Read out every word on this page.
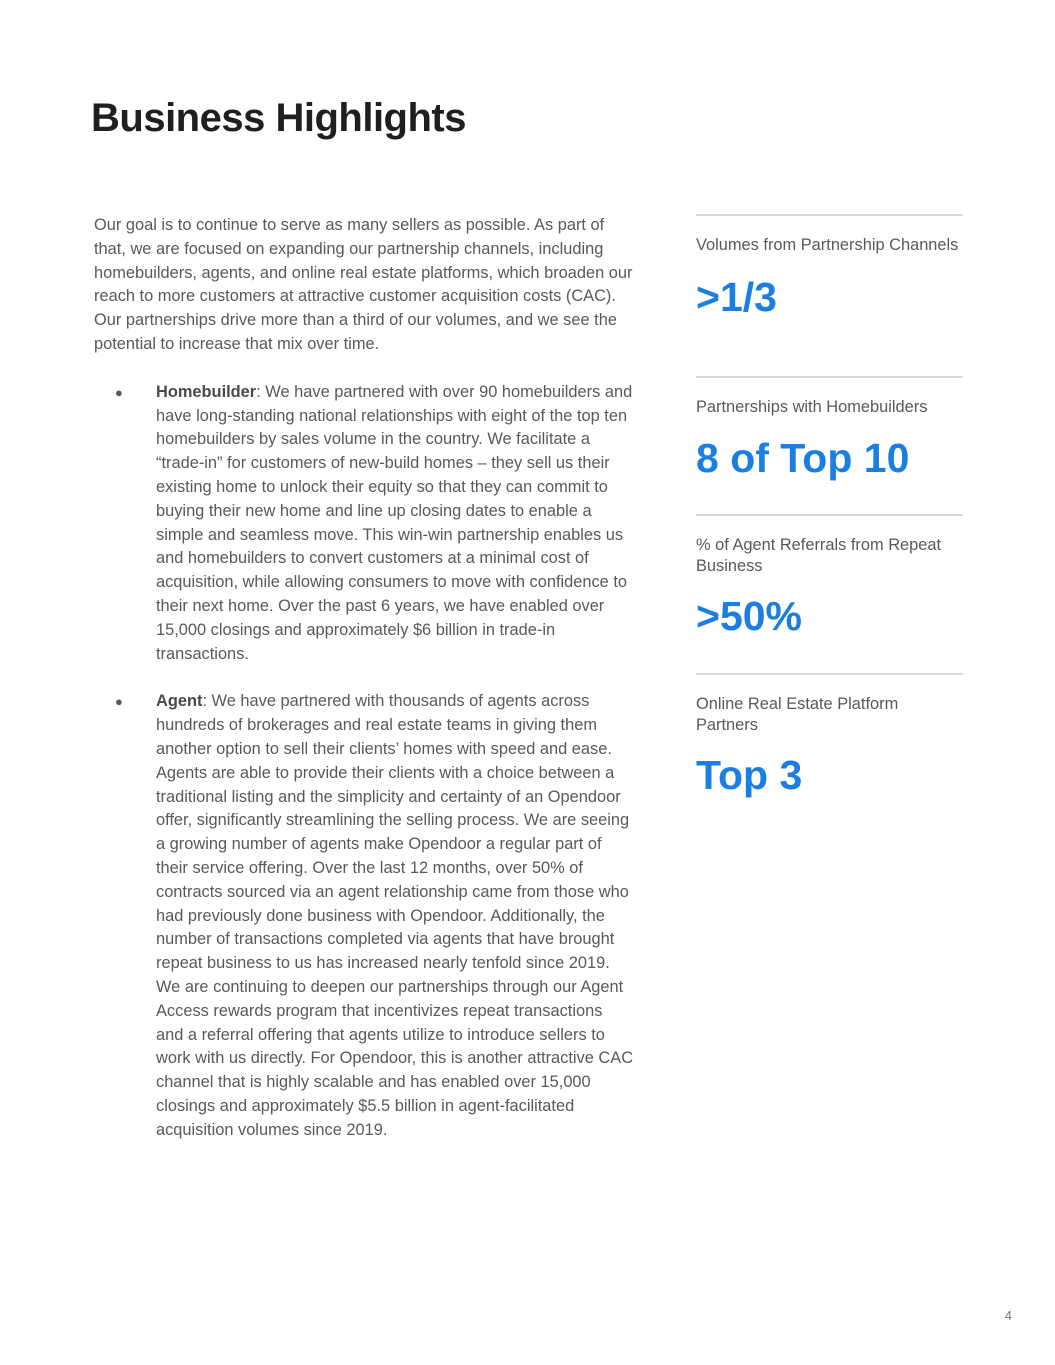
Business Highlights

Our goal is to continue to serve as many sellers as possible. As part of that, we are focused on expanding our partnership channels, including homebuilders, agents, and online real estate platforms, which broaden our reach to more customers at attractive customer acquisition costs (CAC). Our partnerships drive more than a third of our volumes, and we see the potential to increase that mix over time.

● Homebuilder: We have partnered with over 90 homebuilders and have long-standing national relationships with eight of the top ten homebuilders by sales volume in the country. We facilitate a “trade-in” for customers of new-build homes – they sell us their existing home to unlock their equity so that they can commit to buying their new home and line up closing dates to enable a simple and seamless move. This win-win partnership enables us and homebuilders to convert customers at a minimal cost of acquisition, while allowing consumers to move with confidence to their next home. Over the past 6 years, we have enabled over 15,000 closings and approximately $6 billion in trade-in transactions.
● Agent: We have partnered with thousands of agents across hundreds of brokerages and real estate teams in giving them another option to sell their clients’ homes with speed and ease. Agents are able to provide their clients with a choice between a traditional listing and the simplicity and certainty of an Opendoor offer, significantly streamlining the selling process. We are seeing a growing number of agents make Opendoor a regular part of their service offering. Over the last 12 months, over 50% of contracts sourced via an agent relationship came from those who had previously done business with Opendoor. Additionally, the number of transactions completed via agents that have brought repeat business to us has increased nearly tenfold since 2019. We are continuing to deepen our partnerships through our Agent Access rewards program that incentivizes repeat transactions and a referral offering that agents utilize to introduce sellers to work with us directly. For Opendoor, this is another attractive CAC channel that is highly scalable and has enabled over 15,000 closings and approximately $5.5 billion in agent-facilitated acquisition volumes since 2019.

Volumes from Partnership Channels

>1/3

Partnerships with Homebuilders

8 of Top 10

% of Agent Referrals from Repeat Business

>50%

Online Real Estate Platform Partners

Top 3

4
